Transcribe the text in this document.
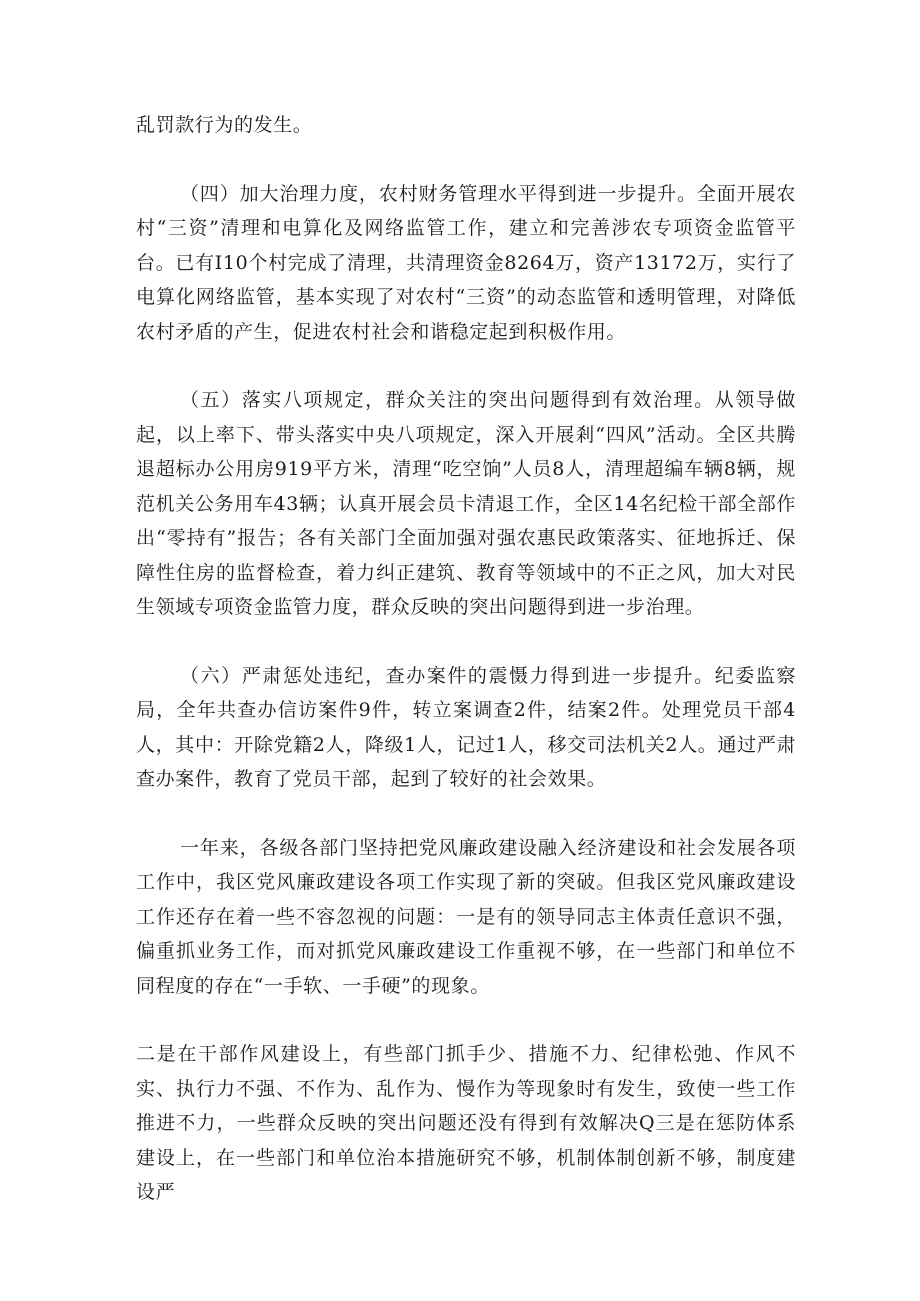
乱罚款行为的发生。

（四）加大治理力度，农村财务管理水平得到进一步提升。全面开展农村“三资”清理和电算化及网络监管工作，建立和完善涉农专项资金监管平台。已有I10个村完成了清理，共清理资金8264万，资产13172万，实行了电算化网络监管，基本实现了对农村“三资”的动态监管和透明管理，对降低农村矛盾的产生，促进农村社会和谐稳定起到积极作用。

（五）落实八项规定，群众关注的突出问题得到有效治理。从领导做起，以上率下、带头落实中央八项规定，深入开展剎“四风”活动。全区共腾退超标办公用房919平方米，清理“吃空饷”人员8人，清理超编车辆8辆，规范机关公务用车43辆；认真开展会员卡清退工作，全区14名纪检干部全部作出“零持有”报告；各有关部门全面加强对强农惠民政策落实、征地拆迁、保障性住房的监督检查，着力纠正建筑、教育等领域中的不正之风，加大对民生领域专项资金监管力度，群众反映的突出问题得到进一步治理。

（六）严肃惩处违纪，查办案件的震慑力得到进一步提升。纪委监察局，全年共查办信访案件9件，转立案调查2件，结案2件。处理党员干部4人，其中：开除党籍2人，降级1人，记过1人，移交司法机关2人。通过严肃查办案件，教育了党员干部，起到了较好的社会效果。

一年来，各级各部门坚持把党风廉政建设融入经济建设和社会发展各项工作中，我区党风廉政建设各项工作实现了新的突破。但我区党风廉政建设工作还存在着一些不容忽视的问题：一是有的领导同志主体责任意识不强，偏重抓业务工作，而对抓党风廉政建设工作重视不够，在一些部门和单位不同程度的存在“一手软、一手硬”的现象。

二是在干部作风建设上，有些部门抓手少、措施不力、纪律松弛、作风不实、执行力不强、不作为、乱作为、慢作为等现象时有发生，致使一些工作推进不力，一些群众反映的突出问题还没有得到有效解决Q三是在惩防体系建设上，在一些部门和单位治本措施研究不够，机制体制创新不够，制度建设严
